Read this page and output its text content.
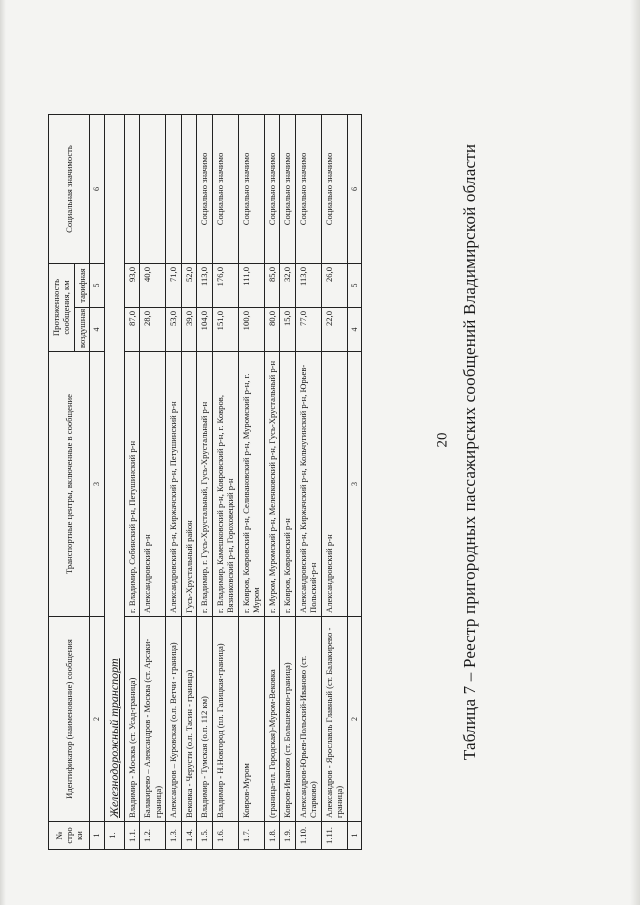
20 Таблица 7 – Реестр пригородных пассажирских сообщений Владимирской области
№ стро ки	Идентификатор (наименование) сообщения	Транспортные центры, включенные в сообщение	Протяженность сообщения, км		Социальная значимость
			воздушная	тарифная	
1	2	3	4	5	6
1.	Железнодорожный транспорт				
1.1.	Владимир - Москва (ст. Усад-граница)	г. Владимир, Собинский р-н, Петушинский р-н	87,0	93,0	
1.2.	Балакирево – Александров - Москва (ст. Арсаки-граница)	Александровский р-н	28,0	40,0	
1.3.	Александров – Куровская (о.п. Ветчи - граница)	Александровский р-н, Киржачский р-н, Петушинский р-н	53,0	71,0	
1.4.	Вековка - Черусти (о.п. Тасин - граница)	Гусь-Хрустальный район	39,0	52,0	
1.5.	Владимир - Тумская (о.п. 112 км)	г. Владимир, г. Гусь-Хрустальный, Гусь-Хрустальный р-н	104,0	113,0	Социально значимо
1.6.	Владимир - Н.Новгород (пл. Галицкая-граница)	г. Владимир, Камешковский р-н, Ковровский р-н, г. Ковров, Вязниковский р-н, Гороховецкий р-н	151,0	176,0	Социально значимо
1.7.	Ковров-Муром	г. Ковров, Ковровский р-н, Селивановский р-н, Муромский р-н, г. Муром	100,0	111,0	Социально значимо
1.8.	(граница-пл. Городская)-Муром-Вековка	г. Муром, Муромский р-н, Меленковский р-н, Гусь-Хрустальный р-н	80,0	85,0	Социально значимо
1.9.	Ковров-Иваново (ст. Большеково-граница)	г. Ковров, Ковровский р-н	15,0	32,0	Социально значимо
1.10.	Александров-Юрьев-Польский-Иваново (ст. Старково)	Александровский р-н, Киржачский р-н, Кольчугинский р-н, Юрьев-Польский-р-н	77,0	113,0	Социально значимо
1.11.	Александров - Ярославль Главный (ст. Балакирево - граница)	Александровский р-н	22,0	26,0	Социально значимо
1	2	3	4	5	6
